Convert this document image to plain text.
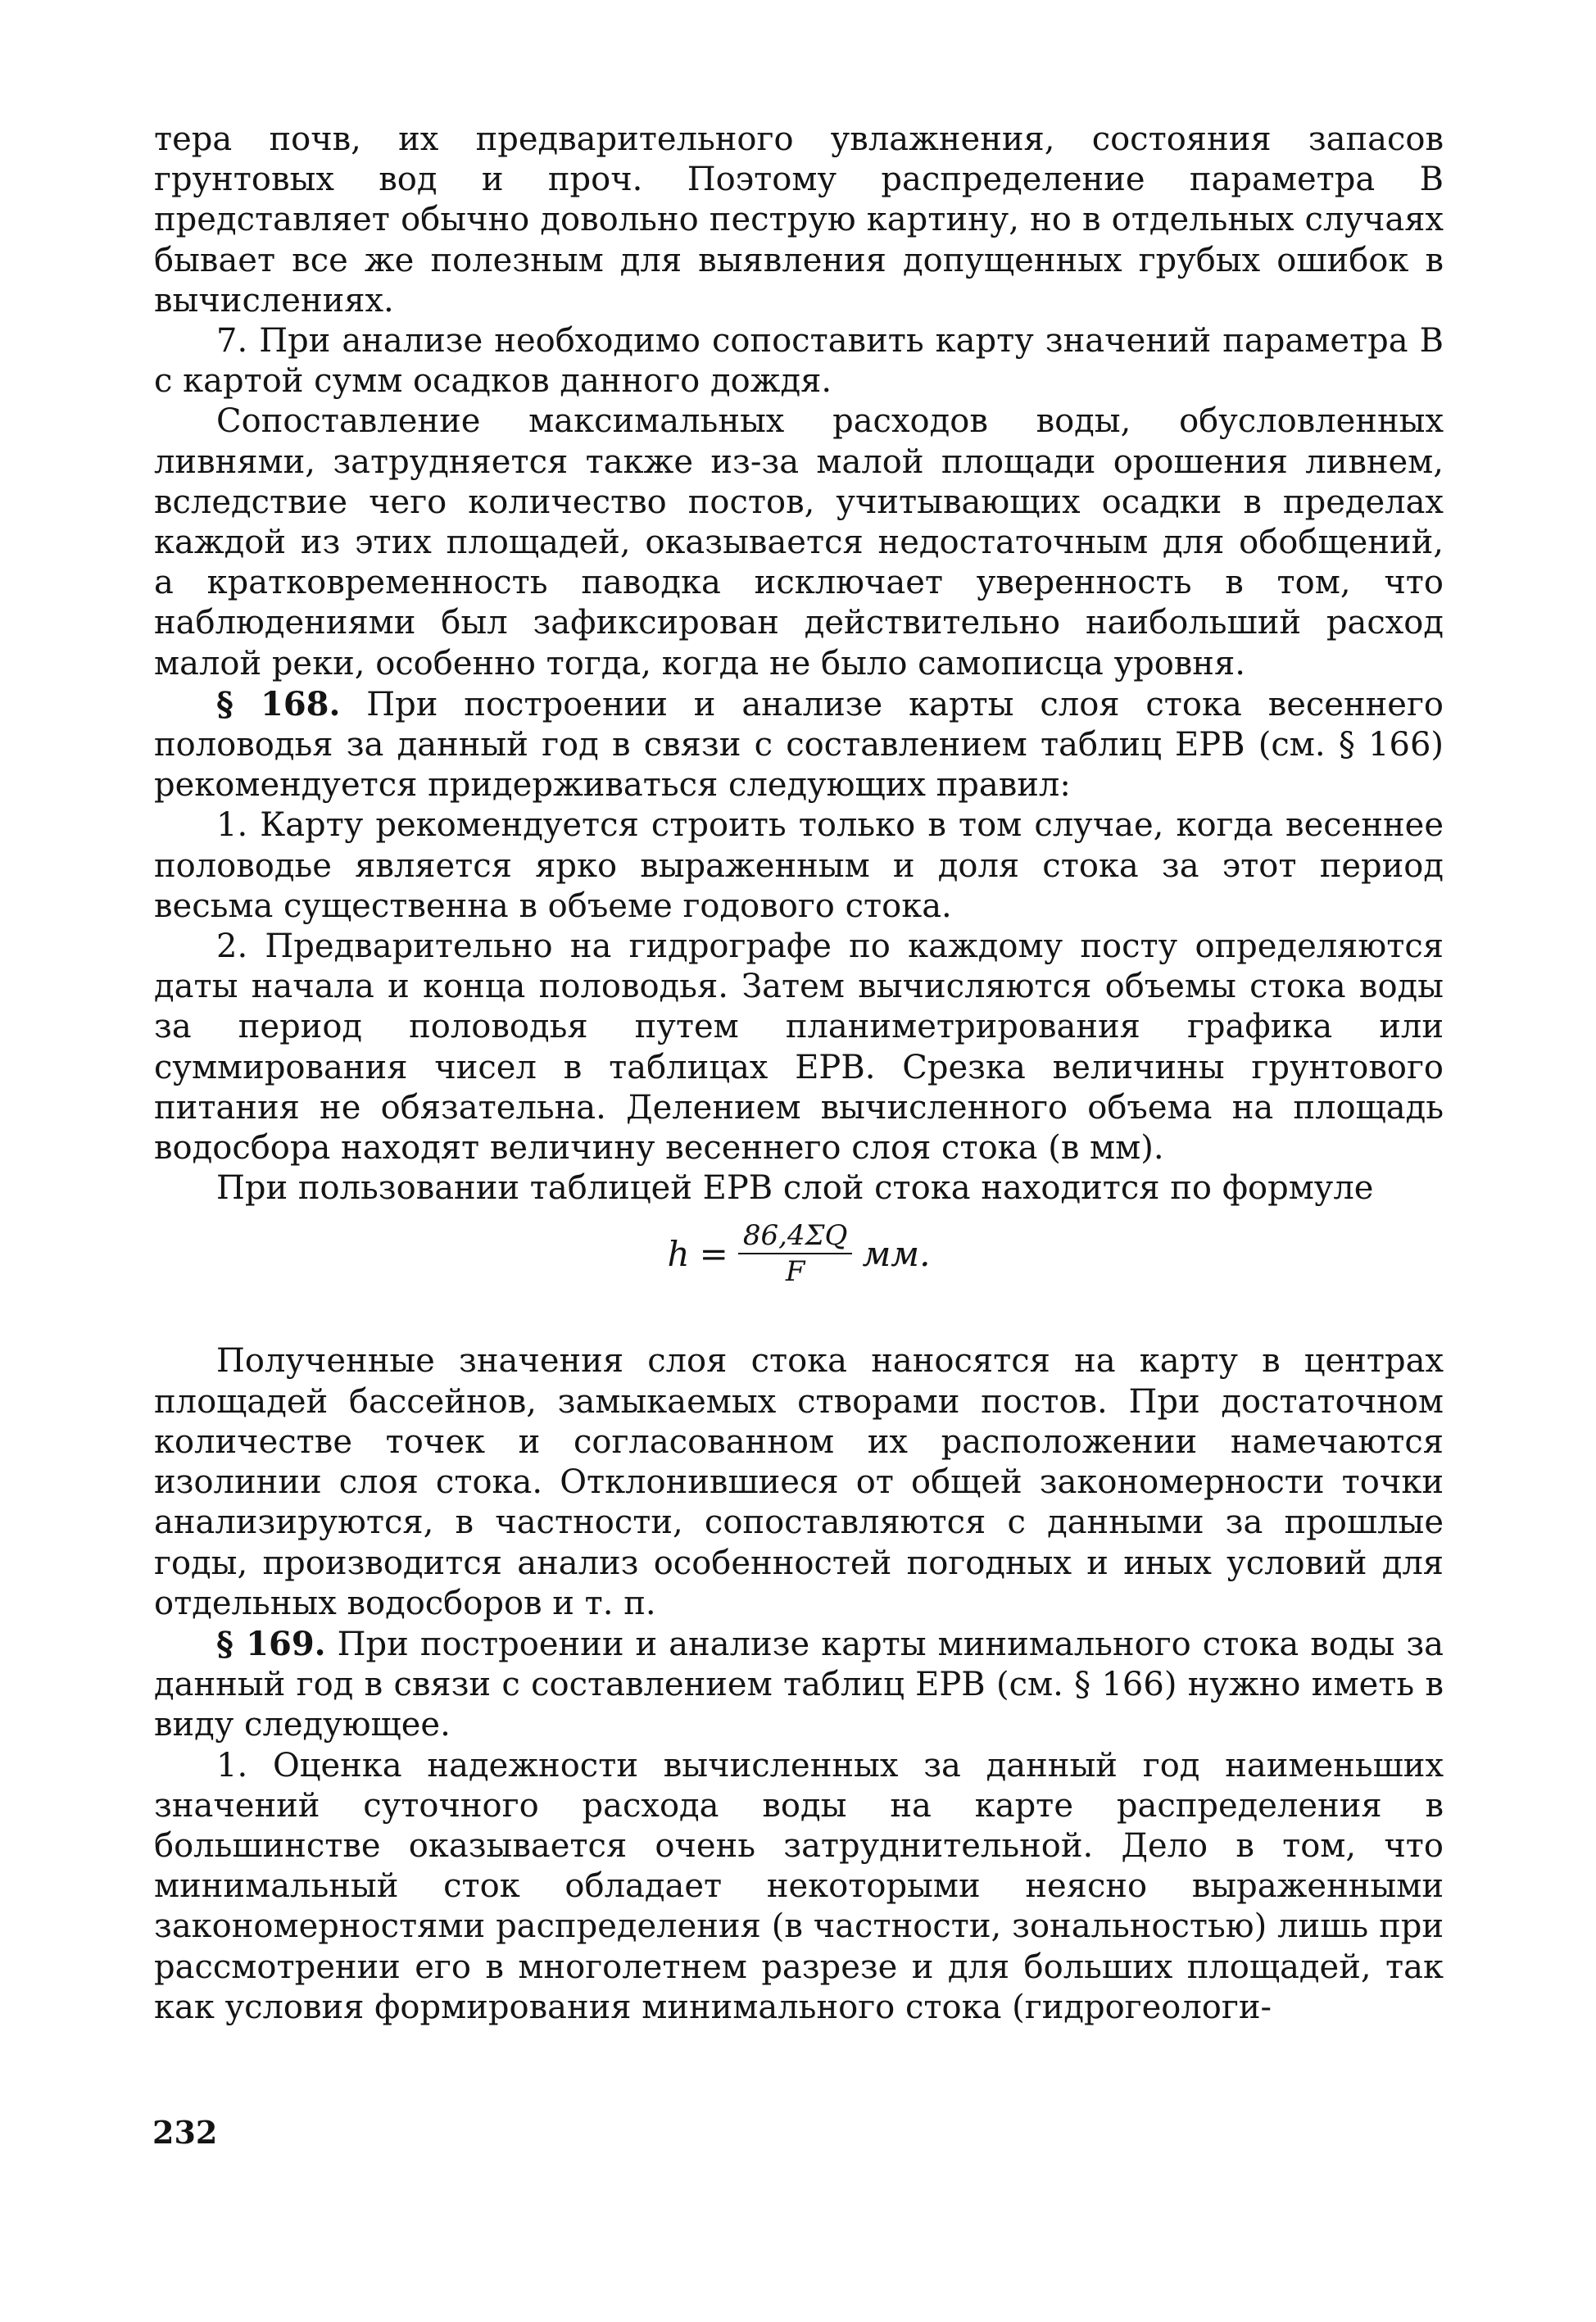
тера почв, их предварительного увлажнения, состояния запасов грунтовых вод и проч. Поэтому распределение параметра B представляет обычно довольно пеструю картину, но в отдельных случаях бывает все же полезным для выявления допущенных грубых ошибок в вычислениях.

7. При анализе необходимо сопоставить карту значений параметра B с картой сумм осадков данного дождя.

Сопоставление максимальных расходов воды, обусловленных ливнями, затрудняется также из-за малой площади орошения ливнем, вследствие чего количество постов, учитывающих осадки в пределах каждой из этих площадей, оказывается недостаточным для обобщений, а кратковременность паводка исключает уверенность в том, что наблюдениями был зафиксирован действительно наибольший расход малой реки, особенно тогда, когда не было самописца уровня.

§ 168. При построении и анализе карты слоя стока весеннего половодья за данный год в связи с составлением таблиц ЕРВ (см. § 166) рекомендуется придерживаться следующих правил:

1. Карту рекомендуется строить только в том случае, когда весеннее половодье является ярко выраженным и доля стока за этот период весьма существенна в объеме годового стока.

2. Предварительно на гидрографе по каждому посту определяются даты начала и конца половодья. Затем вычисляются объемы стока воды за период половодья путем планиметрирования графика или суммирования чисел в таблицах ЕРВ. Срезка величины грунтового питания не обязательна. Делением вычисленного объема на площадь водосбора находят величину весеннего слоя стока (в мм).

При пользовании таблицей ЕРВ слой стока находится по формуле

$h = \frac{86,4\Sigma Q}{F}$ мм.

Полученные значения слоя стока наносятся на карту в центрах площадей бассейнов, замыкаемых створами постов. При достаточном количестве точек и согласованном их расположении намечаются изолинии слоя стока. Отклонившиеся от общей закономерности точки анализируются, в частности, сопоставляются с данными за прошлые годы, производится анализ особенностей погодных и иных условий для отдельных водосборов и т. п.

§ 169. При построении и анализе карты минимального стока воды за данный год в связи с составлением таблиц ЕРВ (см. § 166) нужно иметь в виду следующее.

1. Оценка надежности вычисленных за данный год наименьших значений суточного расхода воды на карте распределения в большинстве оказывается очень затруднительной. Дело в том, что минимальный сток обладает некоторыми неясно выраженными закономерностями распределения (в частности, зональностью) лишь при рассмотрении его в многолетнем разрезе и для больших площадей, так как условия формирования минимального стока (гидрогеологи-

232
